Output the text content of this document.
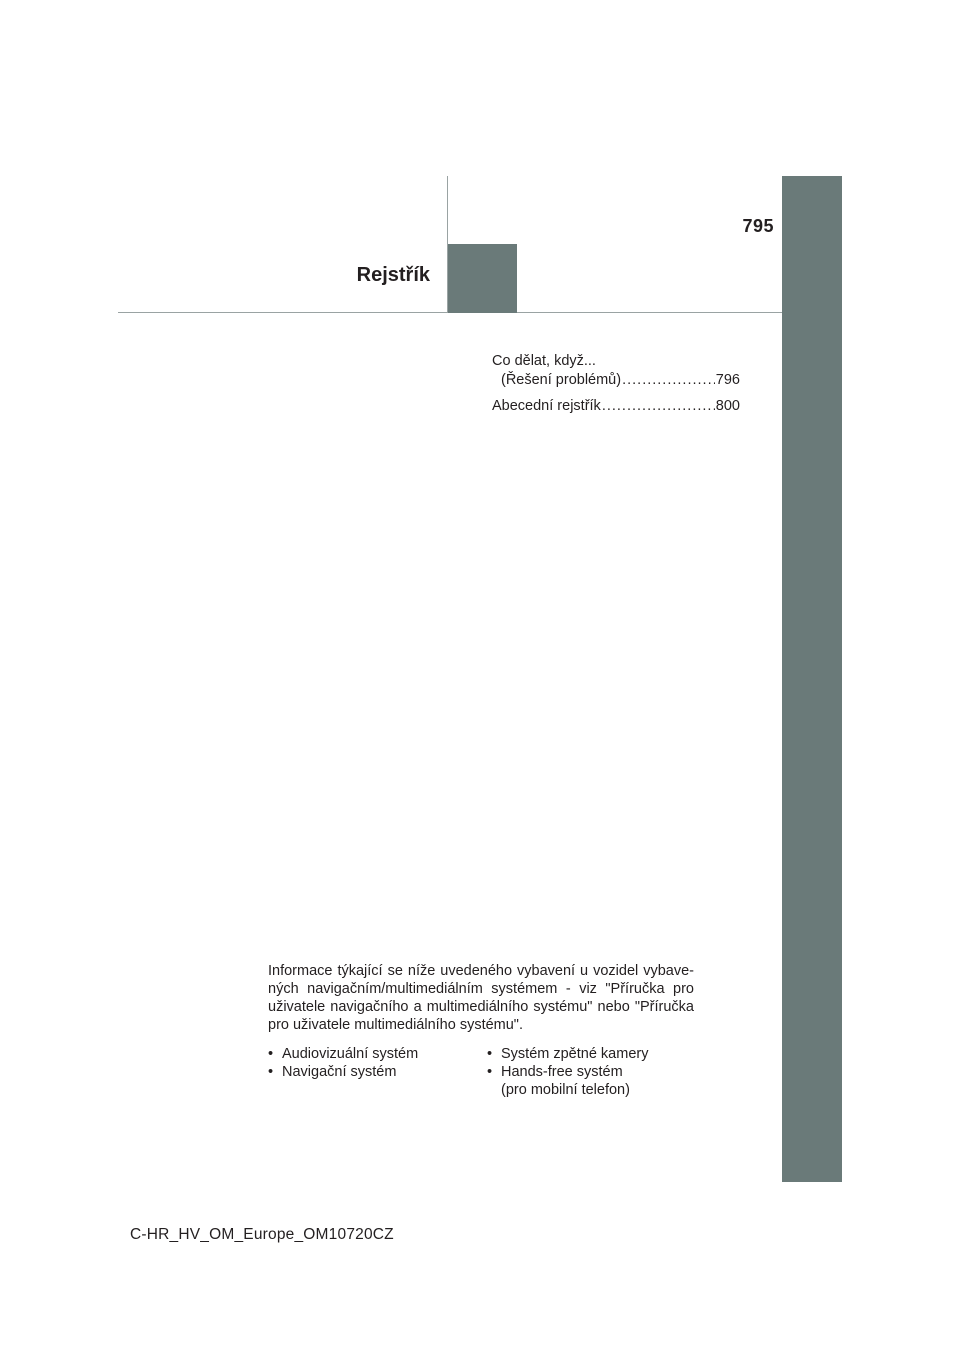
795
Rejstřík
Co dělat, když...
(Řešení problémů) .....	796
Abecední rejstřík .....	800
Informace týkající se níže uvedeného vybavení u vozidel vybave-ných navigačním/multimediálním systémem - viz "Příručka pro uživatele navigačního a multimediálního systému" nebo "Příručka pro uživatele multimediálního systému".
• Audiovizuální systém
• Navigační systém
• Systém zpětné kamery
• Hands-free systém (pro mobilní telefon)
C-HR_HV_OM_Europe_OM10720CZ
